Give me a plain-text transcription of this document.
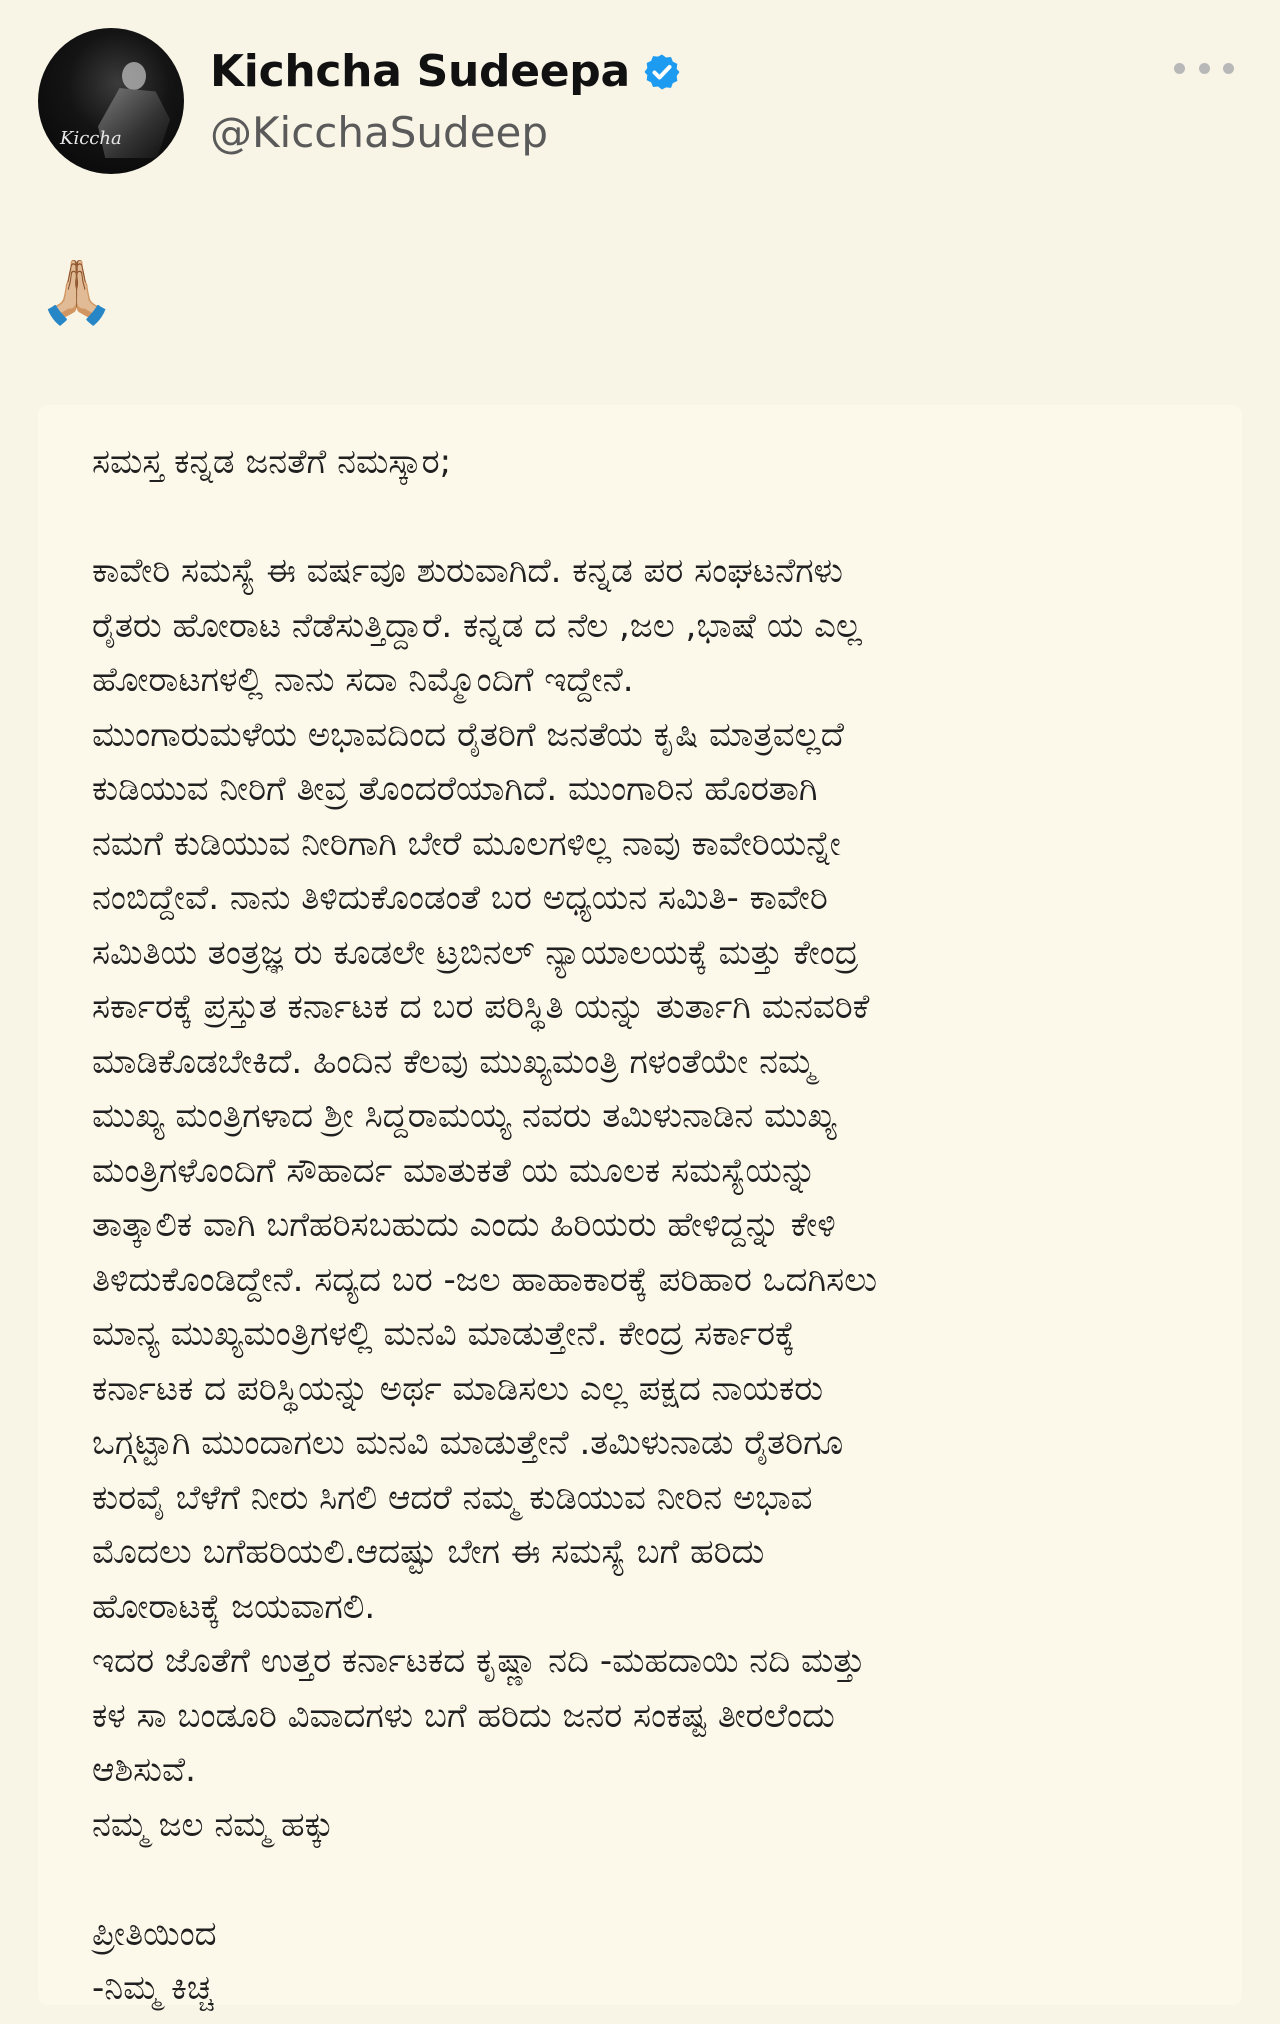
Kiccha
Kichcha Sudeepa
@KicchaSudeep
🙏🏼
ಸಮಸ್ತ ಕನ್ನಡ ಜನತೆಗೆ ನಮಸ್ಕಾರ;
ಕಾವೇರಿ ಸಮಸ್ಯೆ ಈ ವರ್ಷವೂ ಶುರುವಾಗಿದೆ. ಕನ್ನಡ ಪರ ಸಂಘಟನೆಗಳು
ರೈತರು ಹೋರಾಟ ನೆಡೆಸುತ್ತಿದ್ದಾರೆ. ಕನ್ನಡ ದ ನೆಲ ,ಜಲ ,ಭಾಷೆ ಯ ಎಲ್ಲ
ಹೋರಾಟಗಳಲ್ಲಿ ನಾನು ಸದಾ ನಿಮ್ಮೊಂದಿಗೆ ಇದ್ದೇನೆ.
ಮುಂಗಾರುಮಳೆಯ ಅಭಾವದಿಂದ ರೈತರಿಗೆ ಜನತೆಯ ಕೃಷಿ ಮಾತ್ರವಲ್ಲದೆ
ಕುಡಿಯುವ ನೀರಿಗೆ ತೀವ್ರ ತೊಂದರೆಯಾಗಿದೆ. ಮುಂಗಾರಿನ ಹೊರತಾಗಿ
ನಮಗೆ ಕುಡಿಯುವ ನೀರಿಗಾಗಿ ಬೇರೆ ಮೂಲಗಳಿಲ್ಲ ನಾವು ಕಾವೇರಿಯನ್ನೇ
ನಂಬಿದ್ದೇವೆ. ನಾನು ತಿಳಿದುಕೊಂಡಂತೆ ಬರ ಅಧ್ಯಯನ ಸಮಿತಿ- ಕಾವೇರಿ
ಸಮಿತಿಯ ತಂತ್ರಜ್ಞ ರು ಕೂಡಲೇ ಟ್ರಬಿನಲ್ ನ್ಯಾಯಾಲಯಕ್ಕೆ ಮತ್ತು ಕೇಂದ್ರ
ಸರ್ಕಾರಕ್ಕೆ ಪ್ರಸ್ತುತ ಕರ್ನಾಟಕ ದ ಬರ ಪರಿಸ್ಥಿತಿ ಯನ್ನು ತುರ್ತಾಗಿ ಮನವರಿಕೆ
ಮಾಡಿಕೊಡಬೇಕಿದೆ. ಹಿಂದಿನ ಕೆಲವು ಮುಖ್ಯಮಂತ್ರಿ ಗಳಂತೆಯೇ ನಮ್ಮ
ಮುಖ್ಯ ಮಂತ್ರಿಗಳಾದ ಶ್ರೀ ಸಿದ್ದರಾಮಯ್ಯ ನವರು ತಮಿಳುನಾಡಿನ ಮುಖ್ಯ
ಮಂತ್ರಿಗಳೊಂದಿಗೆ ಸೌಹಾರ್ದ ಮಾತುಕತೆ ಯ ಮೂಲಕ ಸಮಸ್ಯೆಯನ್ನು
ತಾತ್ಕಾಲಿಕ ವಾಗಿ ಬಗೆಹರಿಸಬಹುದು ಎಂದು ಹಿರಿಯರು ಹೇಳಿದ್ದನ್ನು ಕೇಳಿ
ತಿಳಿದುಕೊಂಡಿದ್ದೇನೆ. ಸದ್ಯದ ಬರ -ಜಲ ಹಾಹಾಕಾರಕ್ಕೆ ಪರಿಹಾರ ಒದಗಿಸಲು
ಮಾನ್ಯ ಮುಖ್ಯಮಂತ್ರಿಗಳಲ್ಲಿ ಮನವಿ ಮಾಡುತ್ತೇನೆ. ಕೇಂದ್ರ ಸರ್ಕಾರಕ್ಕೆ
ಕರ್ನಾಟಕ ದ ಪರಿಸ್ಥಿಯನ್ನು ಅರ್ಥ ಮಾಡಿಸಲು ಎಲ್ಲ ಪಕ್ಷದ ನಾಯಕರು
ಒಗ್ಗಟ್ಟಾಗಿ ಮುಂದಾಗಲು ಮನವಿ ಮಾಡುತ್ತೇನೆ .ತಮಿಳುನಾಡು ರೈತರಿಗೂ
ಕುರವೈ ಬೆಳೆಗೆ ನೀರು ಸಿಗಲಿ ಆದರೆ ನಮ್ಮ ಕುಡಿಯುವ ನೀರಿನ ಅಭಾವ
ಮೊದಲು ಬಗೆಹರಿಯಲಿ.ಆದಷ್ಟು ಬೇಗ ಈ ಸಮಸ್ಯೆ ಬಗೆ ಹರಿದು
ಹೋರಾಟಕ್ಕೆ ಜಯವಾಗಲಿ.
ಇದರ ಜೊತೆಗೆ ಉತ್ತರ ಕರ್ನಾಟಕದ ಕೃಷ್ಣಾ ನದಿ -ಮಹದಾಯಿ ನದಿ ಮತ್ತು
ಕಳ ಸಾ ಬಂಡೂರಿ ವಿವಾದಗಳು ಬಗೆ ಹರಿದು ಜನರ ಸಂಕಷ್ಟ ತೀರಲೆಂದು
ಆಶಿಸುವೆ.
ನಮ್ಮ ಜಲ ನಮ್ಮ ಹಕ್ಕು
ಪ್ರೀತಿಯಿಂದ
-ನಿಮ್ಮ ಕಿಚ್ಚ
